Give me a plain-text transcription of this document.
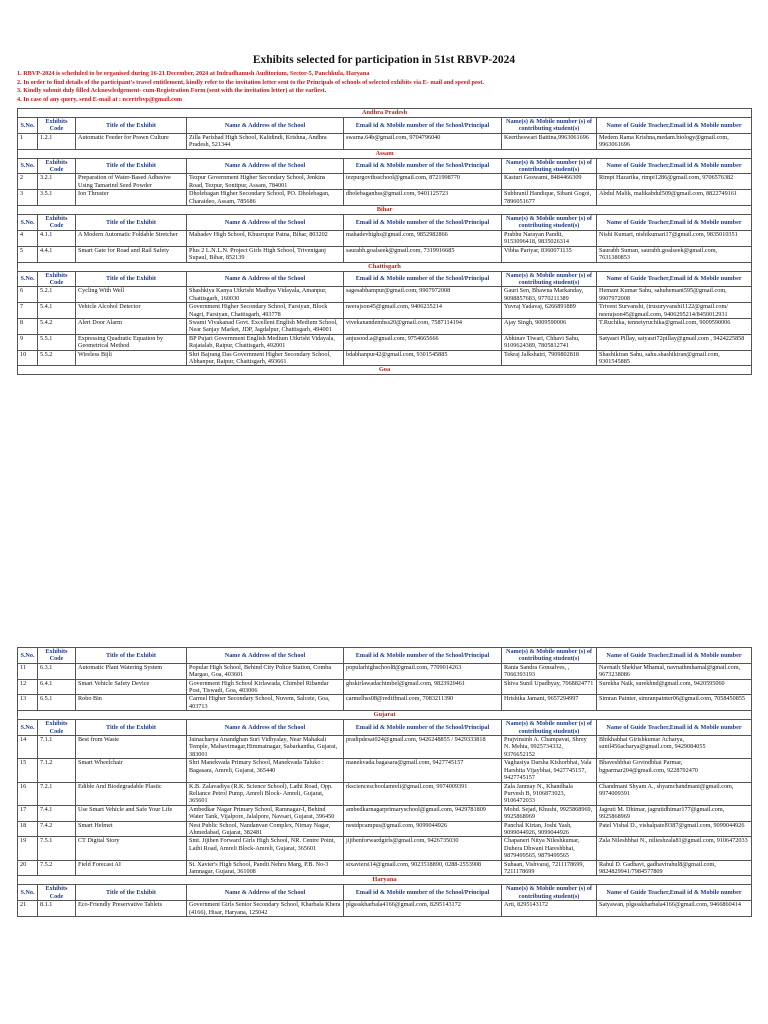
Exhibits selected for participation in 51st RBVP-2024
1. RBVP-2024 is scheduled to be organised during 16-21 December, 2024 at Indradhanush Auditorium, Sector-5, Panchkula, Haryana
2. In order to find details of the participant's travel entitlement, kindly refer to the invitation letter sent to the Principals of schools of selected exhibits via E- mail and speed post.
3. Kindly submit duly filled Acknowledgement- cum-Registration Form (sent with the invitation letter) at the earliest.
4. In case of any query, send E-mail at : ncertrbvp@gmail.com
Andhra Pradesh						
S.No.	Exhibits Code	Title of the Exhibit	Name & Address of the School	Email id & Mobile number of the School/Principal	Name(s) & Mobile number (s) of contributing student(s)	Name of Guide Teacher,Email id & Mobile number
1	1.2.1	Automatic Feeder for Prawn Culture	Zilla Parishad High School, Kalidindi, Krishna, Andhra Pradesh, 521344	swarna.64b@gmail.com, 9704796040	Keertheswari Battina,9963061696	Medem Rama Krishna,medam.biology@gmail.com, 9963061696
Assam						
S.No.	Exhibits Code	Title of the Exhibit	Name & Address of the School	Email id & Mobile number of the School/Principal	Name(s) & Mobile number (s) of contributing student(s)	Name of Guide Teacher,Email id & Mobile number
2	3.2.1	Preparation of Water-Based Adhesive Using Tamarind Seed Powder	Tezpur Government Higher Secondary School, Jenkins Road, Tezpur, Sonitpur, Assam, 784001	tezpurgovthsschool@gmail.com, 8721998770	Kasturi Goswami, 8484466309	Rimpi Hazarika, rimpi1286@gmail.com, 9706576382
3	3.5.1	Ion Thruster	Dholebagan Higher Secondary School, PO. Dholebagan, Charaideo, Assam, 785686	dholebaganhss@gmail.com, 9401125723	Subhranil Handique, Sibani Gogoi, 7896051677	Abdul Malik, malikabdul509@gmail.com, 8822749161
Bihar						
S.No.	Exhibits Code	Title of the Exhibit	Name & Address of the School	Email id & Mobile number of the School/Principal	Name(s) & Mobile number (s) of contributing student(s)	Name of Guide Teacher,Email id & Mobile number
4	4.1.1	A Modern Automatic Foldable Stretcher	Mahadev High School, Khusrupur Patna, Bihar, 803202	mahadevhighs@gmail.com, 9852982866	Prabhu Narayan Pandit, 9153096418, 9835026314	Nishi Kumari, nishikumari17@gmail.com, 9835010351
5	4.4.1	Smart Gate for Road and Rail Safety	Plus 2 L.N.L.N. Project Girls High School, Triveniganj Supaul, Bihar, 852139	saurabh.goalseek@gmail.com, 7319916685	Vibha Pariyar, 8360071135	Saurabh Suman, saurabh.goalseek@gmail.com, 7631380853
Chattisgarh						
S.No.	Exhibits Code	Title of the Exhibit	Name & Address of the School	Email id & Mobile number of the School/Principal	Name(s) & Mobile number (s) of contributing student(s)	Name of Guide Teacher,Email id & Mobile number
6	5.2.1	Cycling With Well	Shashkiya Kanya Utkrisht Madhya Vidayala, Amanpur, Chattisgarh, 160030	sagesabhampur@gmail.com, 9907972008	Gauri Sen, Bhawna Markanday, 9098857683, 9770211389	Hemant Kumar Sahu, sahuhemant595@gmail.com, 9907972008
7	5.4.1	Vehicle Alcohol Detector	Government Higher Secondary School, Farsiyan, Block Nagri, Farsiyan, Chattisgarh, 493778	neerajson45@gmail.com, 9406235214	Yuvraj Yadavaj, 6266891889	Triveni Survanshi, (trusuryvanshi1122@gmail.com/ neerajson45@gmail.com, 9406295214/8450012931
8	5.4.2	Alert Door Alarm	Swami Vivakanad Govt. Excellent English Medium School, Near Sanjay Market, JDP, Jagdalpur, Chattisgarh, 494001	vivekanandemhss20@gmail.com, 7587114194	Ajay Singh, 9009590006	T.Ruchika, tennetyruchika@gmail.com, 9009590006
9	5.5.1	Expressing Quadratic Equation by Geometrical Method	BP Pujari Government English Medium Utkrisht Vidayala, Rajatalab, Raipur, Chattisgarh, 492001	anjusood.a@gmail.com, 9754665666	Abhinav Tiwari, Chhavi Sahu, 9109624389, 7805812741	Satyasri Pillay, satyasri72pillay@gmail.com , 9424225858
10	5.5.2	Wireless Bijli	Shri Bajrang Das Government Higher Secondary School, Abhanpur, Raipur, Chattisgarh, 493661	bdabhanpur42@gmail.com, 9301545885	Tekraj Jalkshatri, 7909802818	Shashikiran Sahu, sahu.shashikiran@gmail.com, 9301545885
Goa						
S.No.	Exhibits Code	Title of the Exhibit	Name & Address of the School	Email id & Mobile number of the School/Principal	Name(s) & Mobile number (s) of contributing student(s)	Name of Guide Teacher,Email id & Mobile number
11	6.3.1	Automatic Plant Watering System	Popular High School, Behind City Police Station, Comba Margao, Goa, 403601	popularhighschool8@gmail.com, 7709014263	Rania Sandra Gonsalves, , 7066393193	Navnath Shekhar Mhamal, navnathmhamal@gmail.com, 9673238086
12	6.4.1	Smart Vehicle Safety Device	Government High School Kirlawada, Chimbel Ribandar Post, Tiswadi, Goa, 403006	ghskirlawadachimbel@gmail.com, 9823920461	Shiva Sunil Upadhyay, 7068824771	Surekha Naik, surekhnd@gmail.com, 9420595060
13	6.5.1	Robo Bin	Carmel Higher Secondary School, Nuvem, Salcete, Goa, 403713	carmelhss08@rediffmail.com, 7083211390	Hrishika Jamani, 9657294997	Simran Painter, simranpainter06@gmail.com, 7058450855
Gujarat						
S.No.	Exhibits Code	Title of the Exhibit	Name & Address of the School	Email id & Mobile number of the School/Principal	Name(s) & Mobile number (s) of contributing student(s)	Name of Guide Teacher,Email id & Mobile number
14	7.1.1	Best from Waste	Jainacharya Anandghan Suri Vidhyalay, Near Mahakali Temple, Mahavirnagar,Himmatnagar, Sabarkantha, Gujarat, 383001	pradipdesai024@gmail.com, 9426248855 / 9429333818	Prajvinsinh A. Champavat, Shrey N. Mehta, 9925734332, 9376652152	Bhikhabhai Girishkumar Acharya, sunil456acharya@gmail.com, 9429084055
15	7.1.2	Smart Wheelchair	Shri Manekvada Primary School, Manekvada Taluko : Bagasara, Amreli, Gujarat, 365440	manekvada.bagasara@gmail.com, 9427745157	Vaghasiya Darsha Kishorbhai, Vala Harshita Vijaybhai, 9427745157, 9427745157	Bhaveshbhai Govindbhai Parmar, bgparmar204@gmail.com, 9228792470
16	7.2.1	Edible And Biodegradable Plastic	K.B. Zalavadiya (R.K. Science School), Lathi Road, Opp. Reliance Petrol Pump, Amreli Block- Amreli, Gujarat, 365601	rkscienceschoolamreli@gmail.com, 9974009391	Zala Janmay N., Khandhala Purvesh B, 9106873023, 9106472033	Chandmani Shyam A., shyamchandmani@gmail.com, 9974009391
17	7.4.1	Use Smart Vehicle and Safe Your Life	Ambedkar Nagar Primary School, Ramnagar-I, Behind Water Tank, Vijalpore, Jalalpore, Navsari, Gujarat, 396450	ambedkarnagarprimaryschool@gmail.com, 9429781809	Mohd. Sejad, Khushi, 9925868969, 9925868969	Jagruti M. Dhimar, jagrutidhimar177@gmail.com, 9925868969
18	7.4.2	Smart Helmet	Nest Public School, Nandanvan Complex, Nirnay Nagar, Ahmedabad, Gujarat, 382481	nestdpcampus@gmail.com, 9099044926	Panchal Kirtan, Joshi Yash, 9099044926, 9099044926	Patel Vishal D., vishalpatel9387@gmail.com, 9099044926
19	7.5.1	CT Digital Story	Smt. Jijiben Forward Girls High School, NR. Centre Point, Lathi Road, Amreli Block-Amreli, Gujarat, 365601	jijibenforwardgirls@gmail.com, 9426735030	Chapaneri Nitya Nileshkumar, Duhera Dhwani Hareshbhai, 9879499565, 9879499565	Zala Nileshbhai N., nilieshzala81@gmail.com, 9106472033
20	7.5.2	Field Forecast AI	St. Xavier's High School, Pandit Nehru Marg, P.B. No-3 Jamnagar, Gujarat, 361008	stxaviersi14@gmail.com, 9023518890, 0288-2553908	Suhaan, Vishvaraj, 7211178699, 7211178699	Rahul D. Gadhavi, gadhavirahul8@gmail.com, 9824829941/7984577809
Haryana						
S.No.	Exhibits Code	Title of the Exhibit	Name & Address of the School	Email id & Mobile number of the School/Principal	Name(s) & Mobile number (s) of contributing student(s)	Name of Guide Teacher,Email id & Mobile number
21	8.1.1	Eco-Friendly Preservative Tablets	Government Girls Senior Secondary School, Kharbala Khera (4166), Hisar, Haryana, 125042	plgssskharbala4166@gmail.com, 8295143172	Arti, 8295143172	Satyawan, plgssskharbala4166@gmail.com, 9466860414
